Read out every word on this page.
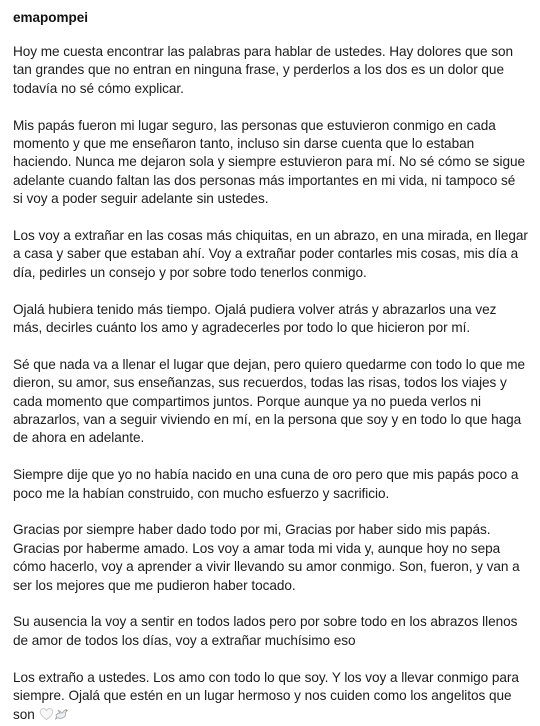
emapompei

Hoy me cuesta encontrar las palabras para hablar de ustedes. Hay dolores que son tan grandes que no entran en ninguna frase, y perderlos a los dos es un dolor que todavía no sé cómo explicar.

Mis papás fueron mi lugar seguro, las personas que estuvieron conmigo en cada momento y que me enseñaron tanto, incluso sin darse cuenta que lo estaban haciendo. Nunca me dejaron sola y siempre estuvieron para mí. No sé cómo se sigue adelante cuando faltan las dos personas más importantes en mi vida, ni tampoco sé si voy a poder seguir adelante sin ustedes.

Los voy a extrañar en las cosas más chiquitas, en un abrazo, en una mirada, en llegar a casa y saber que estaban ahí. Voy a extrañar poder contarles mis cosas, mis día a día, pedirles un consejo y por sobre todo tenerlos conmigo.

Ojalá hubiera tenido más tiempo. Ojalá pudiera volver atrás y abrazarlos una vez más, decirles cuánto los amo y agradecerles por todo lo que hicieron por mí.

Sé que nada va a llenar el lugar que dejan, pero quiero quedarme con todo lo que me dieron, su amor, sus enseñanzas, sus recuerdos, todas las risas, todos los viajes y cada momento que compartimos juntos. Porque aunque ya no pueda verlos ni abrazarlos, van a seguir viviendo en mí, en la persona que soy y en todo lo que haga de ahora en adelante.

Siempre dije que yo no había nacido en una cuna de oro pero que mis papás poco a poco me la habían construido, con mucho esfuerzo y sacrificio.

Gracias por siempre haber dado todo por mi, Gracias por haber sido mis papás. Gracias por haberme amado. Los voy a amar toda mi vida y, aunque hoy no sepa cómo hacerlo, voy a aprender a vivir llevando su amor conmigo. Son, fueron, y van a ser los mejores que me pudieron haber tocado.

Su ausencia la voy a sentir en todos lados pero por sobre todo en los abrazos llenos de amor de todos los días, voy a extrañar muchísimo eso

Los extraño a ustedes. Los amo con todo lo que soy. Y los voy a llevar conmigo para siempre. Ojalá que estén en un lugar hermoso y nos cuiden como los angelitos que son
